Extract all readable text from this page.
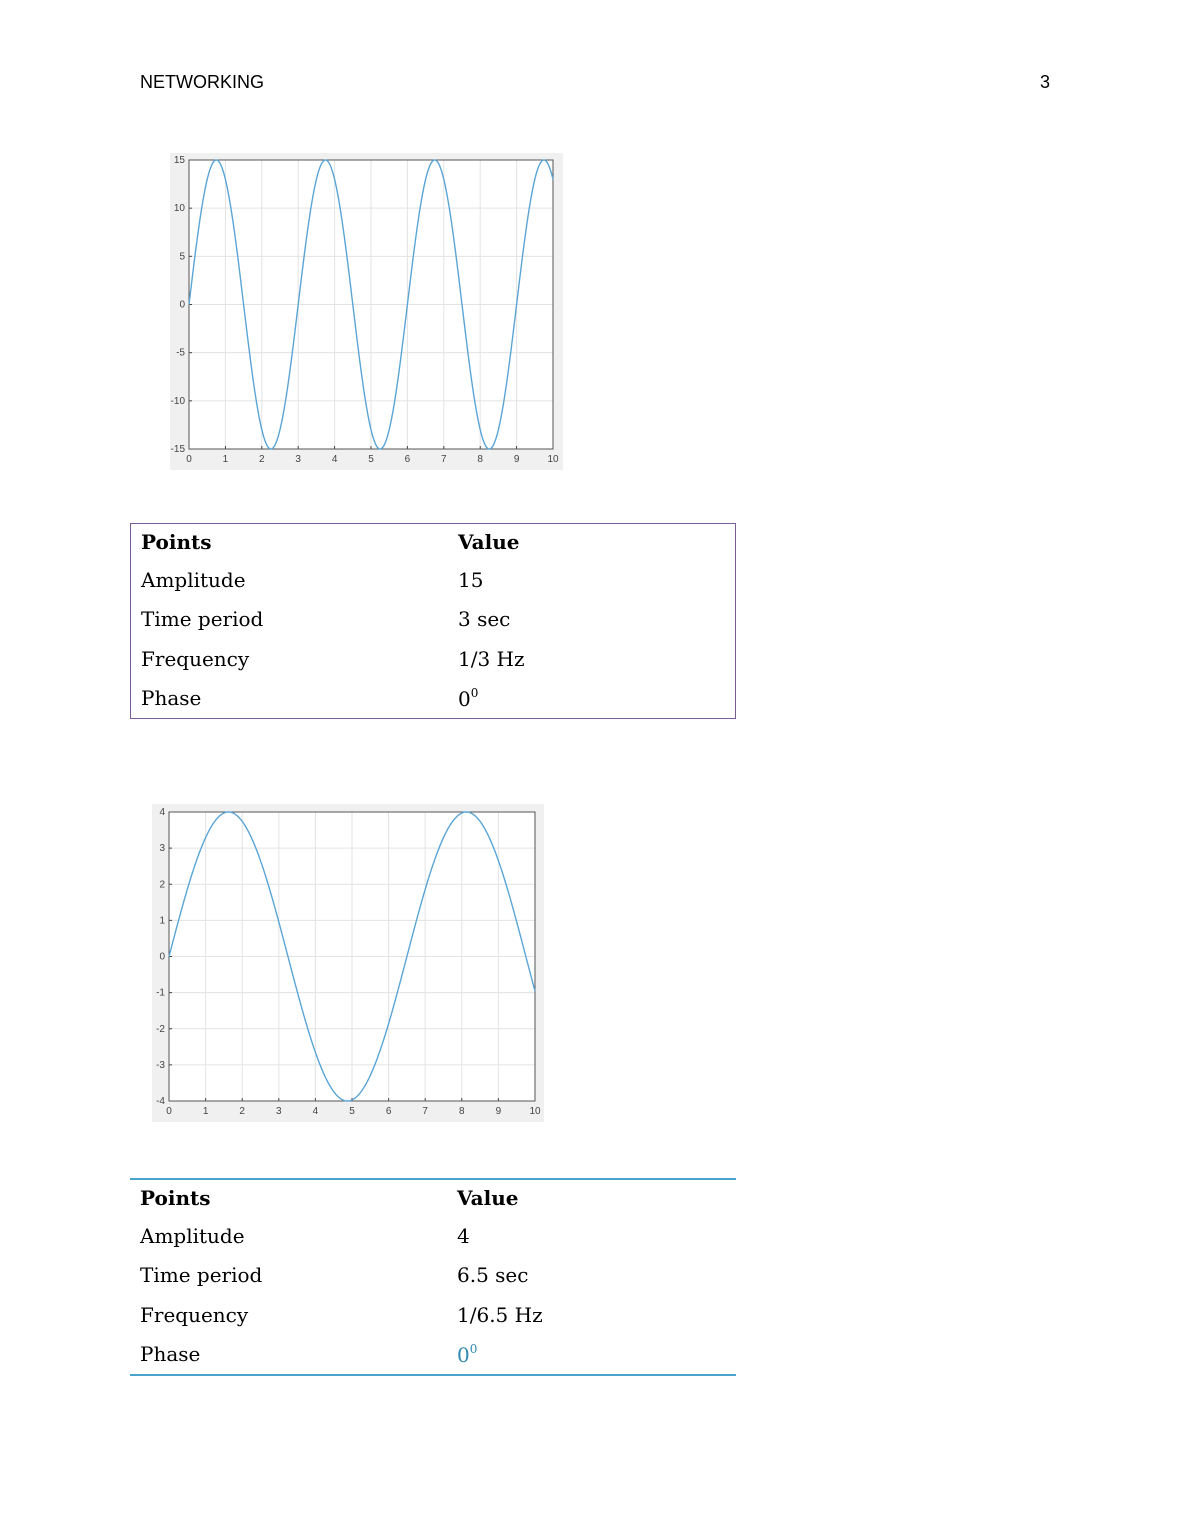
NETWORKING	3
0	1	2	3	4	5	6	7	8	9	10
15
10
5
0
-5
-10
-15
Points	Value
Amplitude	15
Time period	3 sec
Frequency	1/3 Hz
Phase	$0^0$
0	1	2	3	4	5	6	7	8	9	10
4
3
2
1
0
-1
-2
-3
-4
Points	Value
Amplitude	4
Time period	6.5 sec
Frequency	1/6.5 Hz
Phase	$0^0$
